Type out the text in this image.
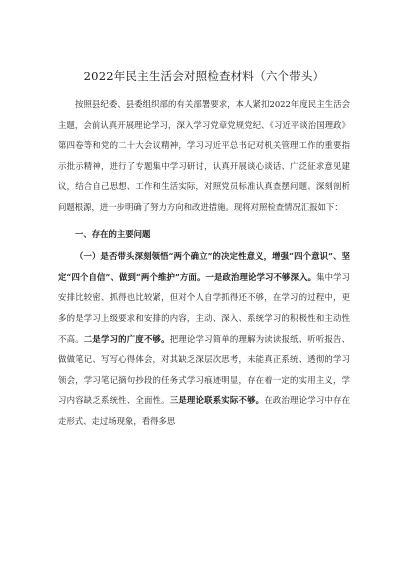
2022年民主生活会对照检查材料（六个带头）

按照县纪委、县委组织部的有关部署要求，本人紧扣2022年度民主生活会主题，会前认真开展理论学习，深入学习党章党规党纪、《习近平谈治国理政》第四卷等和党的二十大会议精神，学习习近平总书记对机关管理工作的重要指示批示精神，进行了专题集中学习研讨，认真开展谈心谈话、广泛征求意见建议，结合自己思想、工作和生活实际，对照党员标准认真查摆问题、深刻剖析问题根源，进一步明确了努力方向和改进措施。现将对照检查情况汇报如下：

一、存在的主要问题

（一）是否带头深刻领悟“两个确立”的决定性意义，增强“四个意识”、坚定“四个自信”、做到“两个维护”方面。一是政治理论学习不够深入。集中学习安排比较密、抓得也比较紧，但对个人自学抓得还不够，在学习的过程中，更多的是学习上级要求和安排的内容，主动、深入、系统学习的积极性和主动性不高。二是学习的广度不够。把理论学习简单的理解为读读报纸、听听报告、做做笔记、写写心得体会，对其缺乏深层次思考，未能真正系统、透彻的学习领会，学习笔记摘句抄段的任务式学习痕迹明显，存在着一定的实用主义，学习内容缺乏系统性、全面性。三是理论联系实际不够。在政治理论学习中存在走形式、走过场现象，看得多思
